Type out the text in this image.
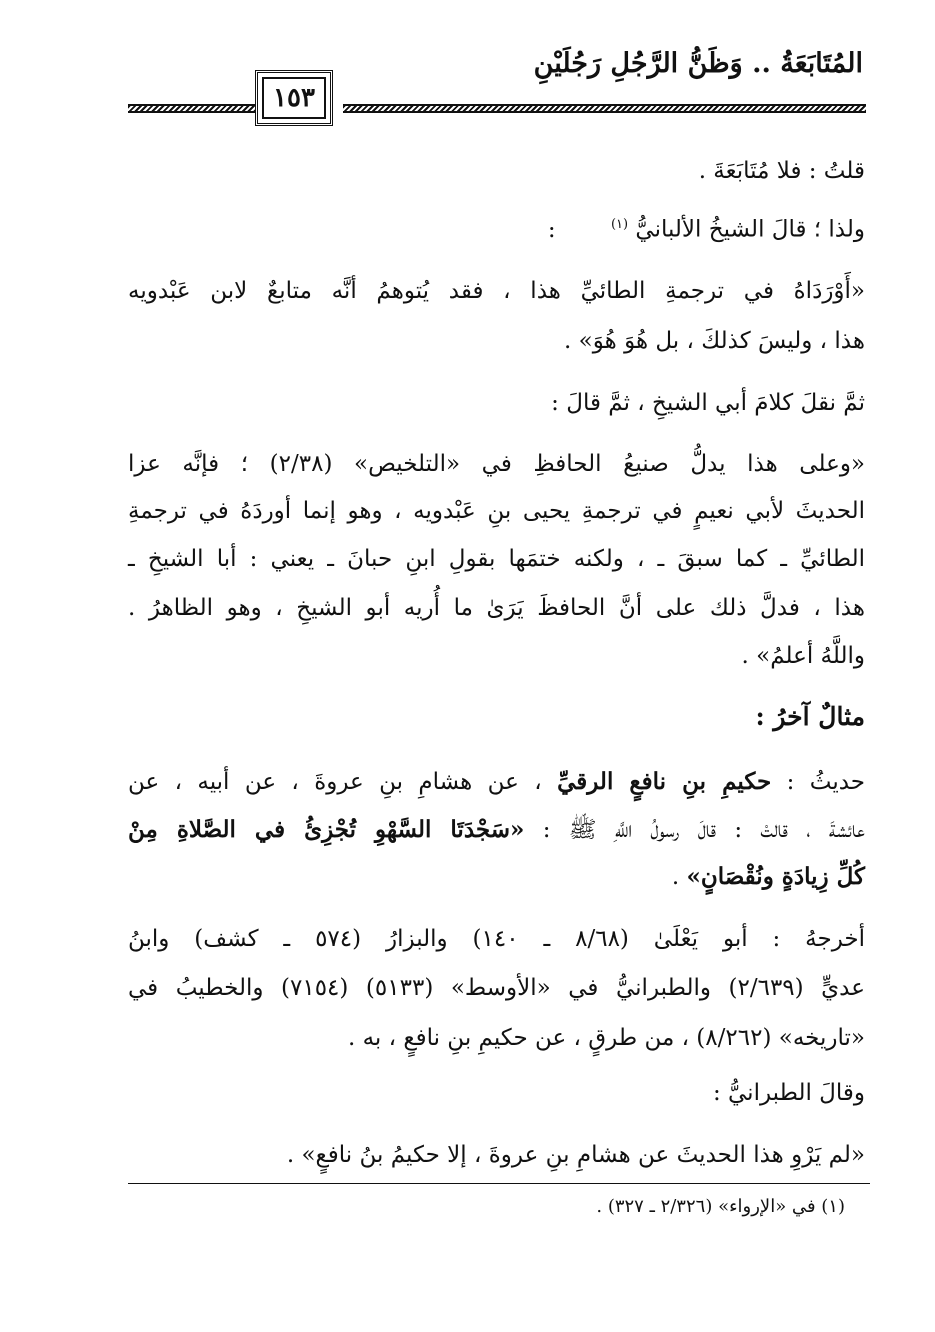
المُتَابَعَةُ .. وَظَنُّ الرَّجُلِ رَجُلَيْنِ
١٥٣
قلتُ : فلا مُتَابَعَةَ .
ولذا ؛ قالَ الشيخُ الألبانيُّ $^{(١)}$ :
«أَوْرَدَاهُ في ترجمةِ الطائيِّ هذا ، فقد يُتوهمُ أنَّه متابعٌ لابن عَبْدويه
هذا ، وليسَ كذلكَ ، بل هُوَ هُوَ» .
ثمَّ نقلَ كلامَ أبي الشيخِ ، ثمَّ قالَ :
«وعلى هذا يدلُّ صنيعُ الحافظِ في «التلخيص» (٢/٣٨) ؛ فإنَّه عزا
الحديثَ لأبي نعيمٍ في ترجمةِ يحيى بنِ عَبْدويه ، وهو إنما أوردَهُ في ترجمةِ
الطائيِّ ـ كما سبقَ ـ ، ولكنه ختمَها بقولِ ابنِ حبانَ ـ يعني : أبا الشيخِ ـ
هذا ، فدلَّ ذلك على أنَّ الحافظَ يَرَىٰ ما أُريه أبو الشيخِ ، وهو الظاهرُ .
واللَّهُ أعلمُ» .
مثالٌ آخرُ :
حديثُ : حكيمِ بنِ نافعٍ الرقيِّ ، عن هشامِ بنِ عروةَ ، عن أبيه ، عن
عائشةَ ، قالتْ : قالَ رسولُ اللَّهِ ﷺ : «سَجْدَتَا السَّهْوِ تُجْزِئُ في الصَّلاةِ مِنْ
كُلِّ زِيادَةٍ ونُقْصَانٍ» .
أخرجهُ : أبو يَعْلَىٰ (٨/٦٨ ـ ١٤٠) والبزارُ (٥٧٤ ـ كشف) وابنُ
عديٍّ (٢/٦٣٩) والطبرانيُّ في «الأوسط» (٥١٣٣) (٧١٥٤) والخطيبُ في
«تاريخه» (٨/٢٦٢) ، من طرقٍ ، عن حكيمِ بنِ نافعٍ ، به .
وقالَ الطبرانيُّ :
«لم يَرْوِ هذا الحديثَ عن هشامِ بنِ عروةَ ، إلا حكيمُ بنُ نافعٍ» .
(١) في «الإرواء» (٢/٣٢٦ ـ ٣٢٧) .
